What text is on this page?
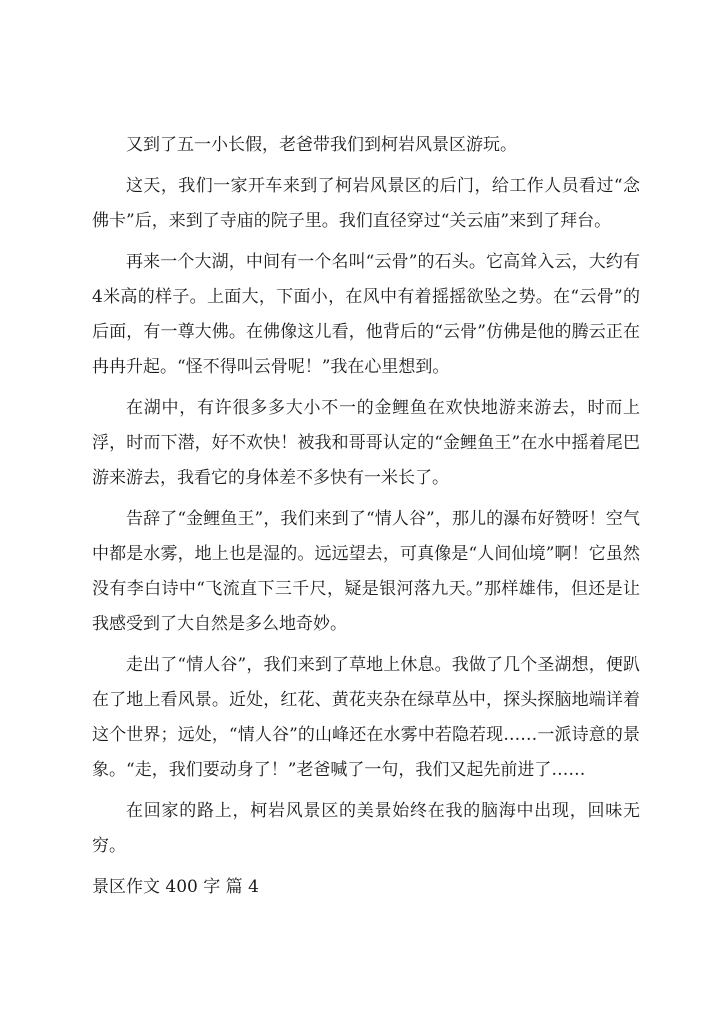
又到了五一小长假，老爸带我们到柯岩风景区游玩。

这天，我们一家开车来到了柯岩风景区的后门，给工作人员看过“念佛卡”后，来到了寺庙的院子里。我们直径穿过“关云庙”来到了拜台。

再来一个大湖，中间有一个名叫“云骨”的石头。它高耸入云，大约有4米高的样子。上面大，下面小，在风中有着摇摇欲坠之势。在“云骨”的后面，有一尊大佛。在佛像这儿看，他背后的“云骨”仿佛是他的腾云正在冉冉升起。“怪不得叫云骨呢！”我在心里想到。

在湖中，有许很多多大小不一的金鲤鱼在欢快地游来游去，时而上浮，时而下潜，好不欢快！被我和哥哥认定的“金鲤鱼王”在水中摇着尾巴游来游去，我看它的身体差不多快有一米长了。

告辞了“金鲤鱼王”，我们来到了“情人谷”，那儿的瀑布好赞呀！空气中都是水雾，地上也是湿的。远远望去，可真像是“人间仙境”啊！它虽然没有李白诗中“飞流直下三千尺，疑是银河落九天。”那样雄伟，但还是让我感受到了大自然是多么地奇妙。

走出了“情人谷”，我们来到了草地上休息。我做了几个圣湖想，便趴在了地上看风景。近处，红花、黄花夹杂在绿草丛中，探头探脑地端详着这个世界；远处，“情人谷”的山峰还在水雾中若隐若现……一派诗意的景象。“走，我们要动身了！”老爸喊了一句，我们又起先前进了……

在回家的路上，柯岩风景区的美景始终在我的脑海中出现，回味无穷。

景区作文 400 字 篇 4
